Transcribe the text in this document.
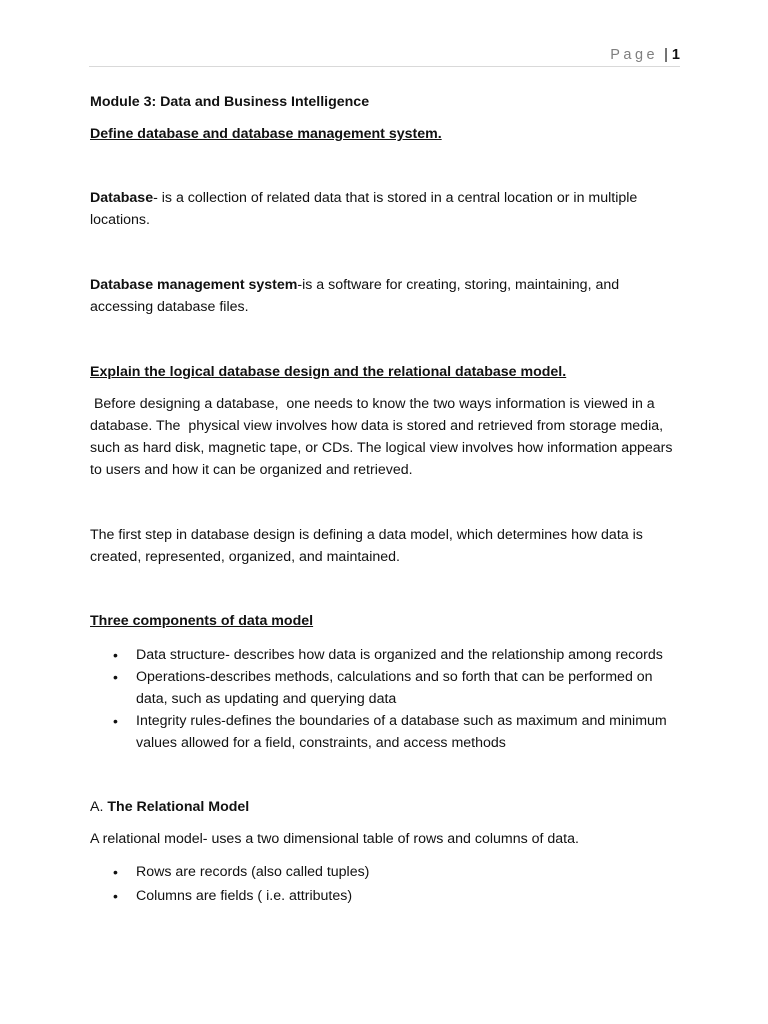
Page | 1

Module 3: Data and Business Intelligence

Define database and database management system.

Database- is a collection of related data that is stored in a central location or in multiple locations.

Database management system-is a software for creating, storing, maintaining, and accessing database files.

Explain the logical database design and the relational database model.

Before designing a database,  one needs to know the two ways information is viewed in a database. The  physical view involves how data is stored and retrieved from storage media, such as hard disk, magnetic tape, or CDs. The logical view involves how information appears to users and how it can be organized and retrieved.

The first step in database design is defining a data model, which determines how data is created, represented, organized, and maintained.

Three components of data model

• Data structure- describes how data is organized and the relationship among records
• Operations-describes methods, calculations and so forth that can be performed on data, such as updating and querying data
• Integrity rules-defines the boundaries of a database such as maximum and minimum values allowed for a field, constraints, and access methods

A. The Relational Model

A relational model- uses a two dimensional table of rows and columns of data.

• Rows are records (also called tuples)
• Columns are fields ( i.e. attributes)
